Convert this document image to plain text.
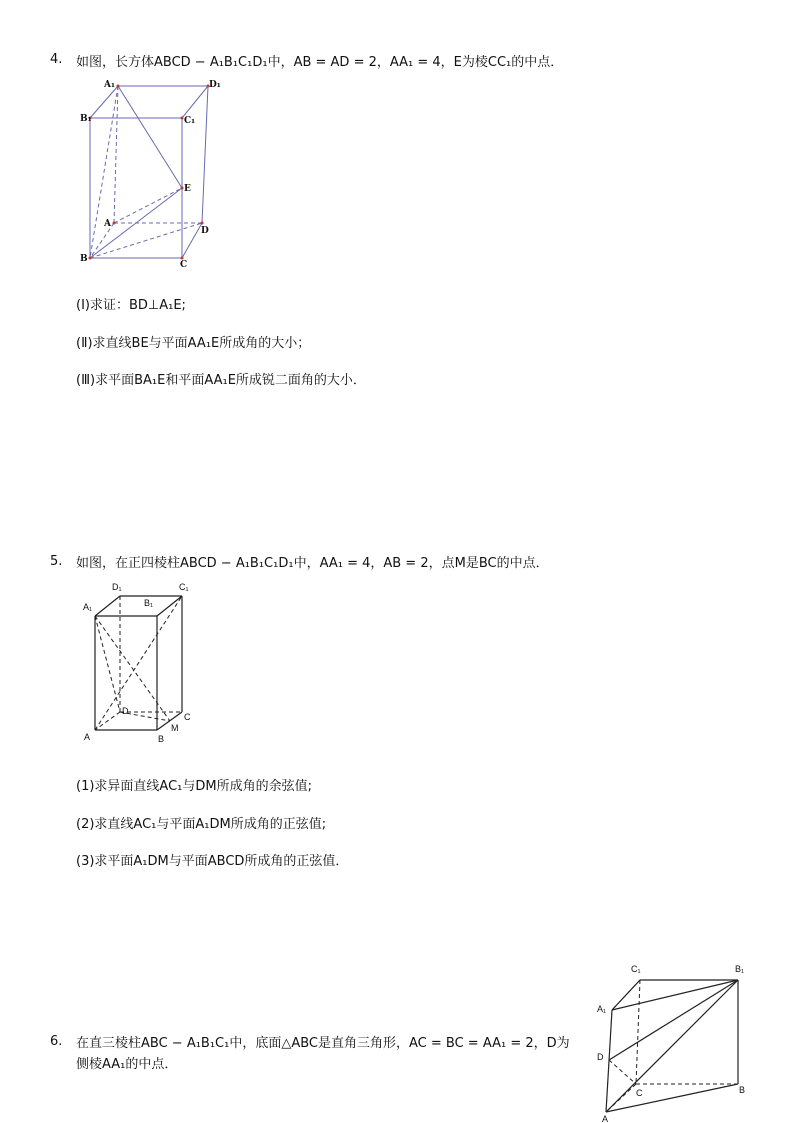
4. 如图，长方体ABCD − A₁B₁C₁D₁中，AB = AD = 2，AA₁ = 4，E为棱CC₁的中点．
A₁	D₁
B₁	C₁
E
A
D
B
C
(Ⅰ)求证：BD⊥A₁E;
(Ⅱ)求直线BE与平面AA₁E所成角的大小；
(Ⅲ)求平面BA₁E和平面AA₁E所成锐二面角的大小．
5. 如图，在正四棱柱ABCD − A₁B₁C₁D₁中，AA₁ = 4，AB = 2，点M是BC的中点．
D₁	C₁
A₁	B₁
D
C
A	B
M
(1)求异面直线AC₁与DM所成角的余弦值;
(2)求直线AC₁与平面A₁DM所成角的正弦值;
(3)求平面A₁DM与平面ABCD所成角的正弦值．
6. 在直三棱柱ABC − A₁B₁C₁中，底面△ABC是直角三角形，AC = BC = AA₁ = 2，D为
侧棱AA₁的中点．
C₁	B₁
A₁
D
C	B
A
